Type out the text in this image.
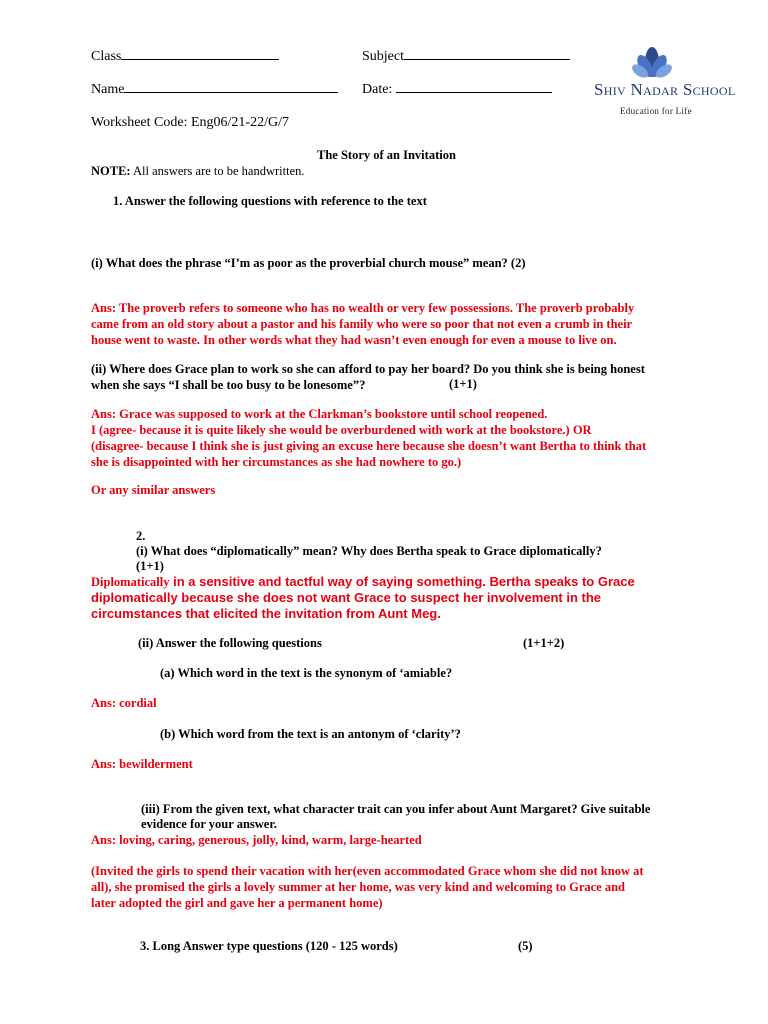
Class	Subject
Name	Date:
Worksheet Code: Eng06/21-22/G/7
Shiv Nadar School
Education for Life
The Story of an Invitation
NOTE: All answers are to be handwritten.
1. Answer the following questions with reference to the text
(i) What does the phrase “I’m as poor as the proverbial church mouse” mean? (2)
Ans: The proverb refers to someone who has no wealth or very few possessions. The proverb probably
came from an old story about a pastor and his family who were so poor that not even a crumb in their
house went to waste. In other words what they had wasn’t even enough for even a mouse to live on.
(ii) Where does Grace plan to work so she can afford to pay her board? Do you think she is being honest
when she says “I shall be too busy to be lonesome”?	(1+1)
Ans: Grace was supposed to work at the Clarkman’s bookstore until school reopened.
I (agree- because it is quite likely she would be overburdened with work at the bookstore.) OR
(disagree- because I think she is just giving an excuse here because she doesn’t want Bertha to think that
she is disappointed with her circumstances as she had nowhere to go.)
Or any similar answers
2.
(i) What does “diplomatically” mean? Why does Bertha speak to Grace diplomatically?
(1+1)
Diplomatically in a sensitive and tactful way of saying something. Bertha speaks to Grace
diplomatically because she does not want Grace to suspect her involvement in the
circumstances that elicited the invitation from Aunt Meg.
(ii) Answer the following questions	(1+1+2)
(a) Which word in the text is the synonym of ‘amiable?
Ans: cordial
(b) Which word from the text is an antonym of ‘clarity’?
Ans: bewilderment
(iii) From the given text, what character trait can you infer about Aunt Margaret? Give suitable
evidence for your answer.
Ans: loving, caring, generous, jolly, kind, warm, large-hearted
(Invited the girls to spend their vacation with her(even accommodated Grace whom she did not know at
all), she promised the girls a lovely summer at her home, was very kind and welcoming to Grace and
later adopted the girl and gave her a permanent home)
3. Long Answer type questions (120 - 125 words)	(5)
